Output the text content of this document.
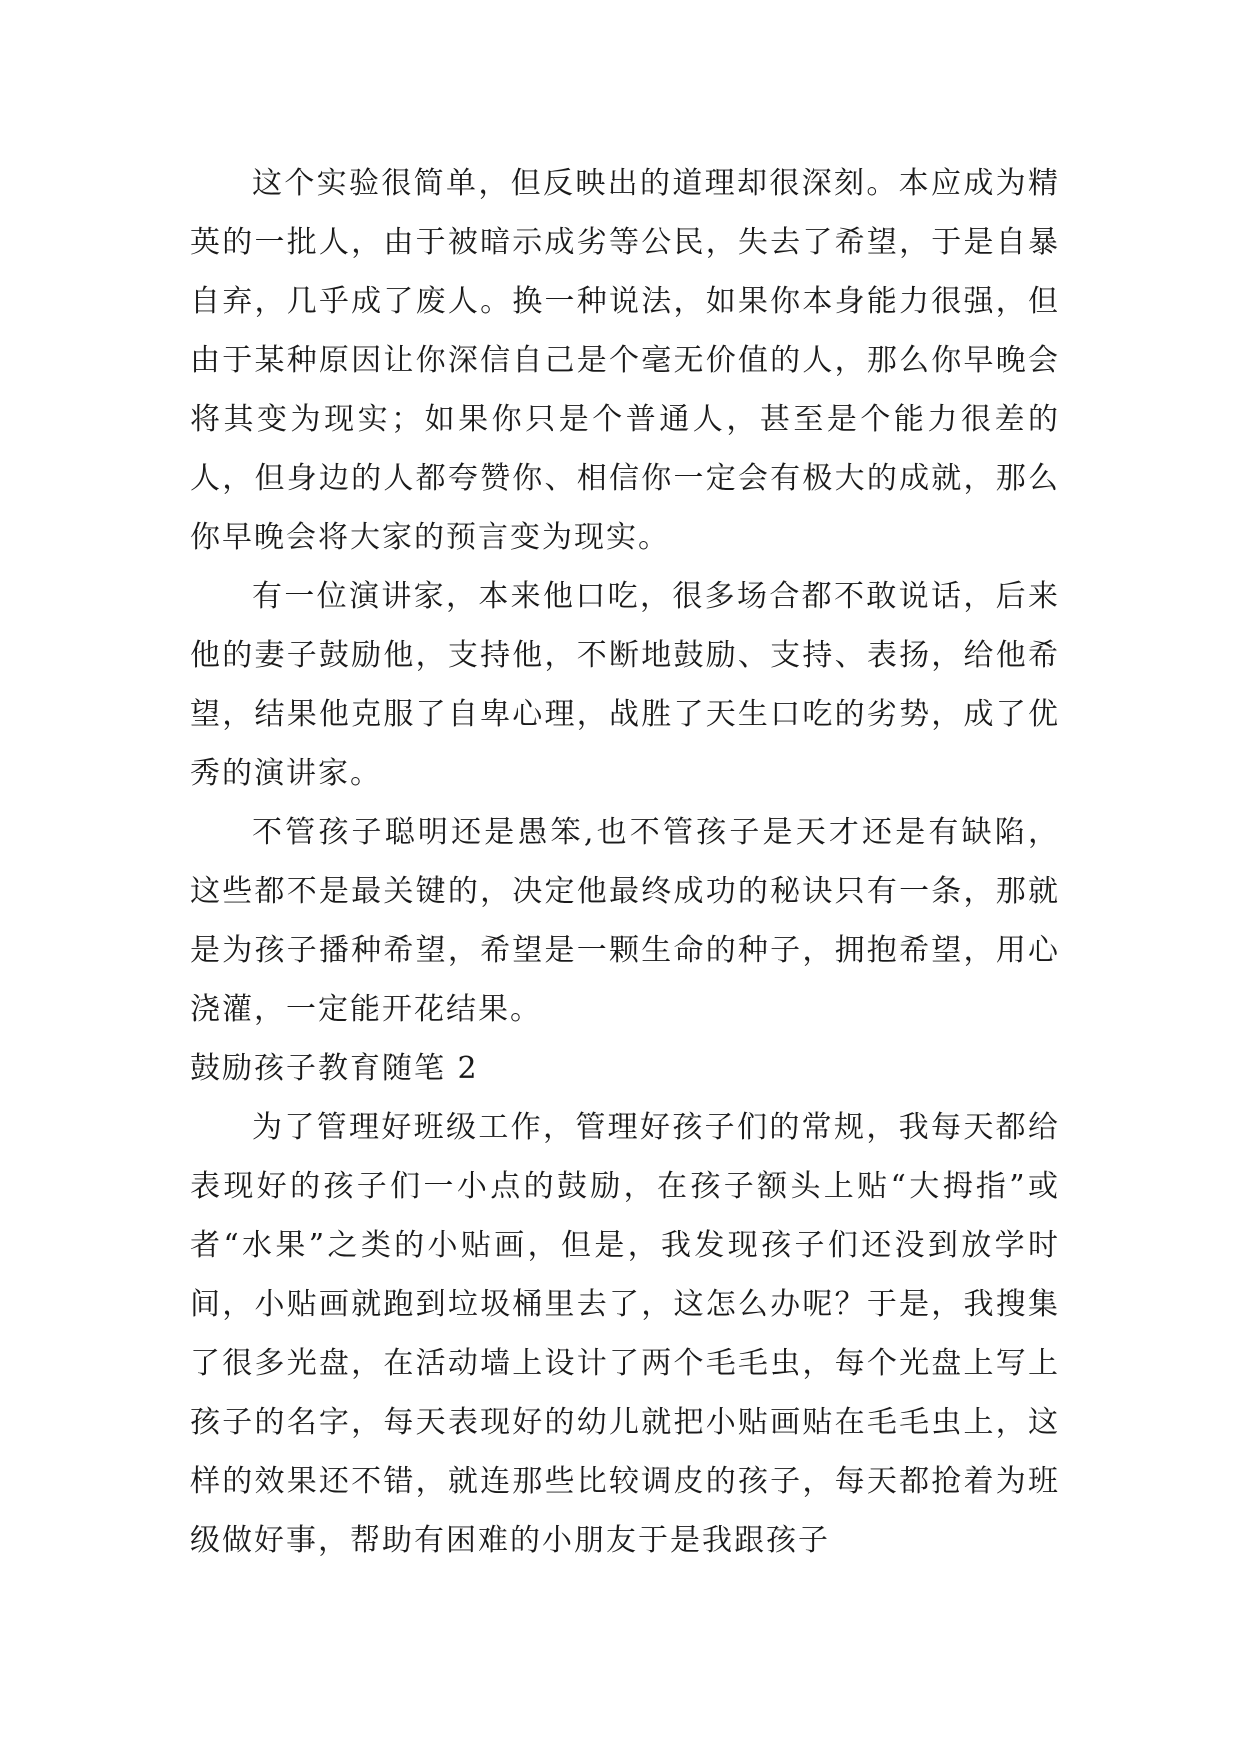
这个实验很简单，但反映出的道理却很深刻。本应成为精英的一批人，由于被暗示成劣等公民，失去了希望，于是自暴自弃，几乎成了废人。换一种说法，如果你本身能力很强，但由于某种原因让你深信自己是个毫无价值的人，那么你早晚会将其变为现实；如果你只是个普通人，甚至是个能力很差的人，但身边的人都夸赞你、相信你一定会有极大的成就，那么你早晚会将大家的预言变为现实。

有一位演讲家，本来他口吃，很多场合都不敢说话，后来他的妻子鼓励他，支持他，不断地鼓励、支持、表扬，给他希望，结果他克服了自卑心理，战胜了天生口吃的劣势，成了优秀的演讲家。

不管孩子聪明还是愚笨,也不管孩子是天才还是有缺陷，这些都不是最关键的，决定他最终成功的秘诀只有一条，那就是为孩子播种希望，希望是一颗生命的种子，拥抱希望，用心浇灌，一定能开花结果。

鼓励孩子教育随笔 2

为了管理好班级工作，管理好孩子们的常规，我每天都给表现好的孩子们一小点的鼓励，在孩子额头上贴“大拇指”或者“水果”之类的小贴画，但是，我发现孩子们还没到放学时间，小贴画就跑到垃圾桶里去了，这怎么办呢？于是，我搜集了很多光盘，在活动墙上设计了两个毛毛虫，每个光盘上写上孩子的名字，每天表现好的幼儿就把小贴画贴在毛毛虫上，这样的效果还不错，就连那些比较调皮的孩子，每天都抢着为班级做好事，帮助有困难的小朋友于是我跟孩子
